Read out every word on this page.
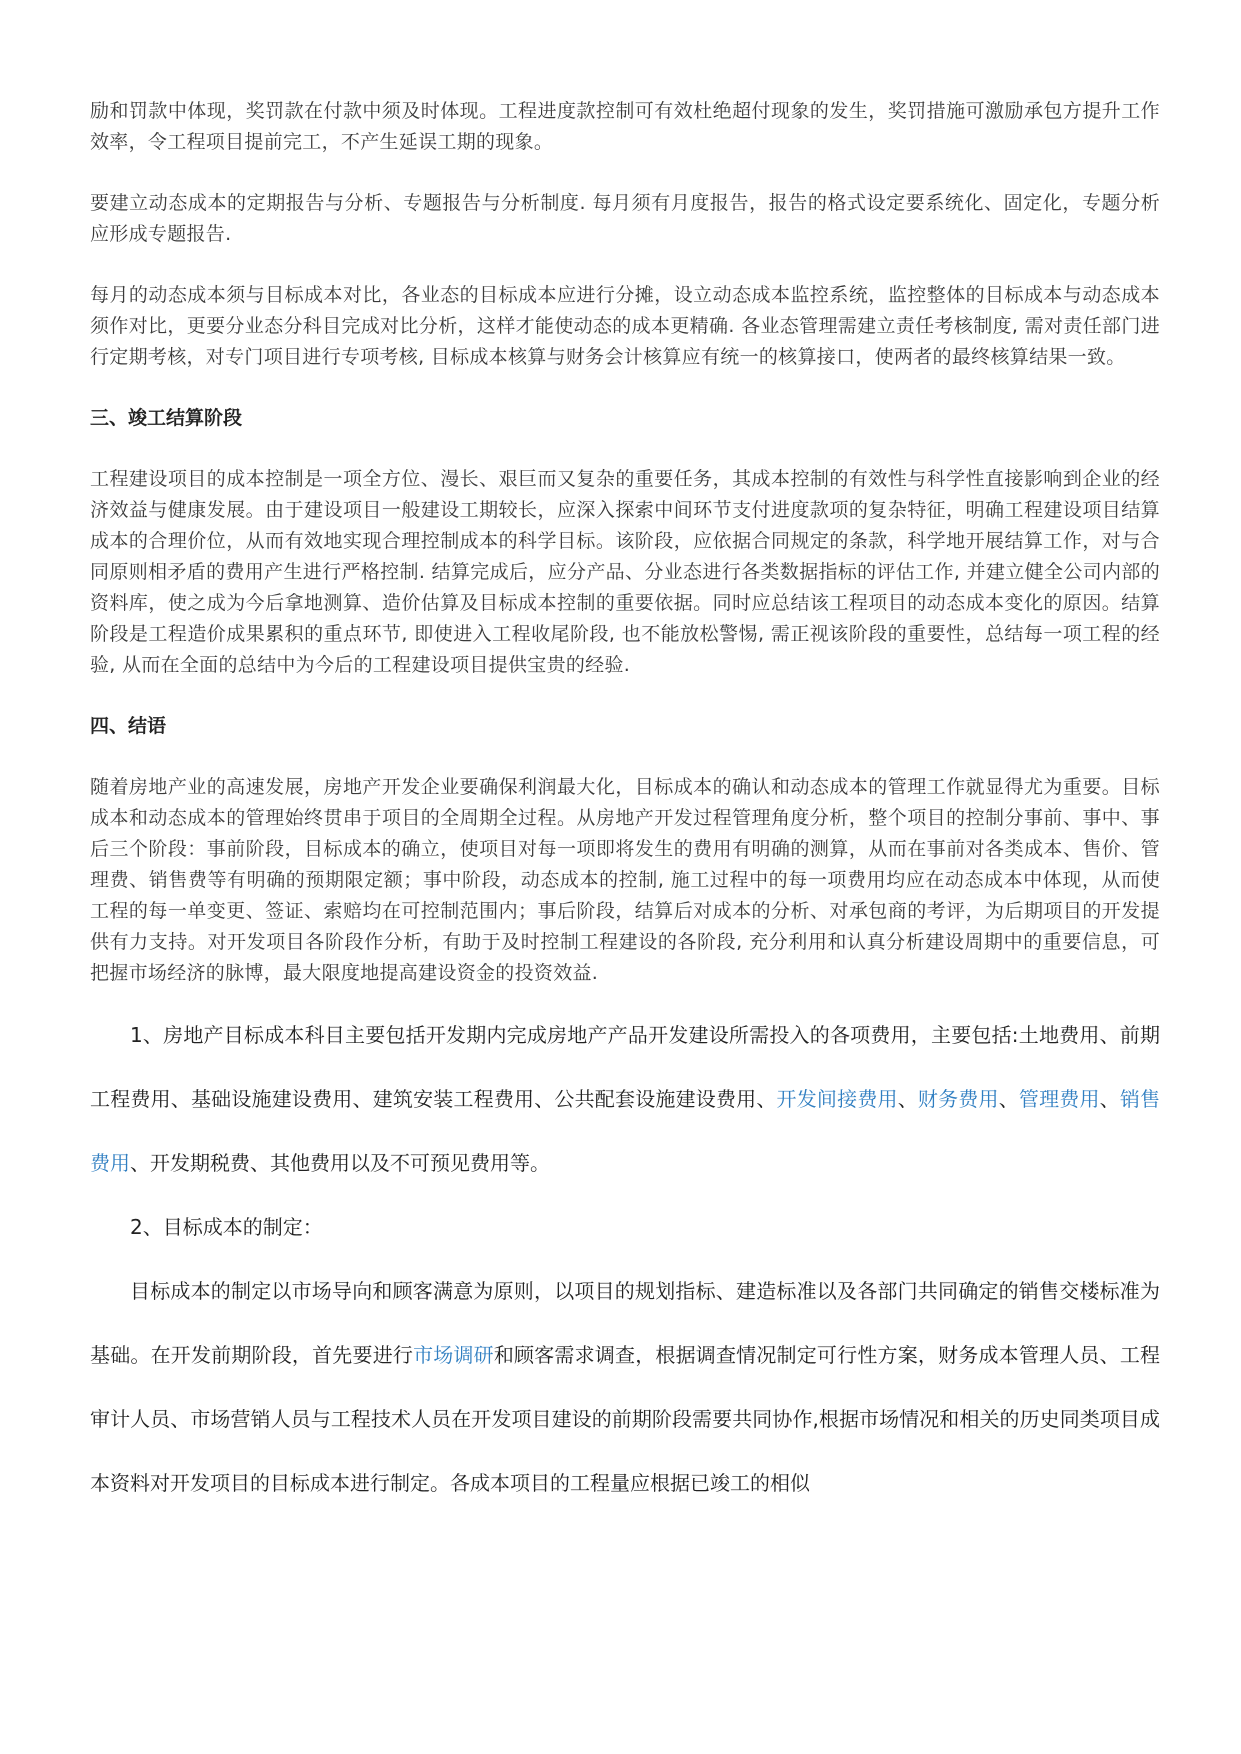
励和罚款中体现，奖罚款在付款中须及时体现。工程进度款控制可有效杜绝超付现象的发生，奖罚措施可激励承包方提升工作效率，令工程项目提前完工，不产生延误工期的现象。

要建立动态成本的定期报告与分析、专题报告与分析制度. 每月须有月度报告，报告的格式设定要系统化、固定化，专题分析应形成专题报告.

每月的动态成本须与目标成本对比，各业态的目标成本应进行分摊，设立动态成本监控系统，监控整体的目标成本与动态成本须作对比，更要分业态分科目完成对比分析，这样才能使动态的成本更精确. 各业态管理需建立责任考核制度, 需对责任部门进行定期考核，对专门项目进行专项考核, 目标成本核算与财务会计核算应有统一的核算接口，使两者的最终核算结果一致。

三、竣工结算阶段

工程建设项目的成本控制是一项全方位、漫长、艰巨而又复杂的重要任务，其成本控制的有效性与科学性直接影响到企业的经济效益与健康发展。由于建设项目一般建设工期较长，应深入探索中间环节支付进度款项的复杂特征，明确工程建设项目结算成本的合理价位，从而有效地实现合理控制成本的科学目标。该阶段，应依据合同规定的条款，科学地开展结算工作，对与合同原则相矛盾的费用产生进行严格控制. 结算完成后，应分产品、分业态进行各类数据指标的评估工作, 并建立健全公司内部的资料库，使之成为今后拿地测算、造价估算及目标成本控制的重要依据。同时应总结该工程项目的动态成本变化的原因。结算阶段是工程造价成果累积的重点环节, 即使进入工程收尾阶段, 也不能放松警惕, 需正视该阶段的重要性，总结每一项工程的经验, 从而在全面的总结中为今后的工程建设项目提供宝贵的经验.

四、结语

随着房地产业的高速发展，房地产开发企业要确保利润最大化，目标成本的确认和动态成本的管理工作就显得尤为重要。目标成本和动态成本的管理始终贯串于项目的全周期全过程。从房地产开发过程管理角度分析，整个项目的控制分事前、事中、事后三个阶段：事前阶段，目标成本的确立，使项目对每一项即将发生的费用有明确的测算，从而在事前对各类成本、售价、管理费、销售费等有明确的预期限定额；事中阶段，动态成本的控制, 施工过程中的每一项费用均应在动态成本中体现，从而使工程的每一单变更、签证、索赔均在可控制范围内；事后阶段，结算后对成本的分析、对承包商的考评，为后期项目的开发提供有力支持。对开发项目各阶段作分析，有助于及时控制工程建设的各阶段, 充分利用和认真分析建设周期中的重要信息，可把握市场经济的脉博，最大限度地提高建设资金的投资效益.

1、房地产目标成本科目主要包括开发期内完成房地产产品开发建设所需投入的各项费用，主要包括:土地费用、前期工程费用、基础设施建设费用、建筑安装工程费用、公共配套设施建设费用、开发间接费用、财务费用、管理费用、销售费用、开发期税费、其他费用以及不可预见费用等。

2、目标成本的制定：

目标成本的制定以市场导向和顾客满意为原则，以项目的规划指标、建造标准以及各部门共同确定的销售交楼标准为基础。在开发前期阶段，首先要进行市场调研和顾客需求调查，根据调查情况制定可行性方案，财务成本管理人员、工程审计人员、市场营销人员与工程技术人员在开发项目建设的前期阶段需要共同协作,根据市场情况和相关的历史同类项目成本资料对开发项目的目标成本进行制定。各成本项目的工程量应根据已竣工的相似
